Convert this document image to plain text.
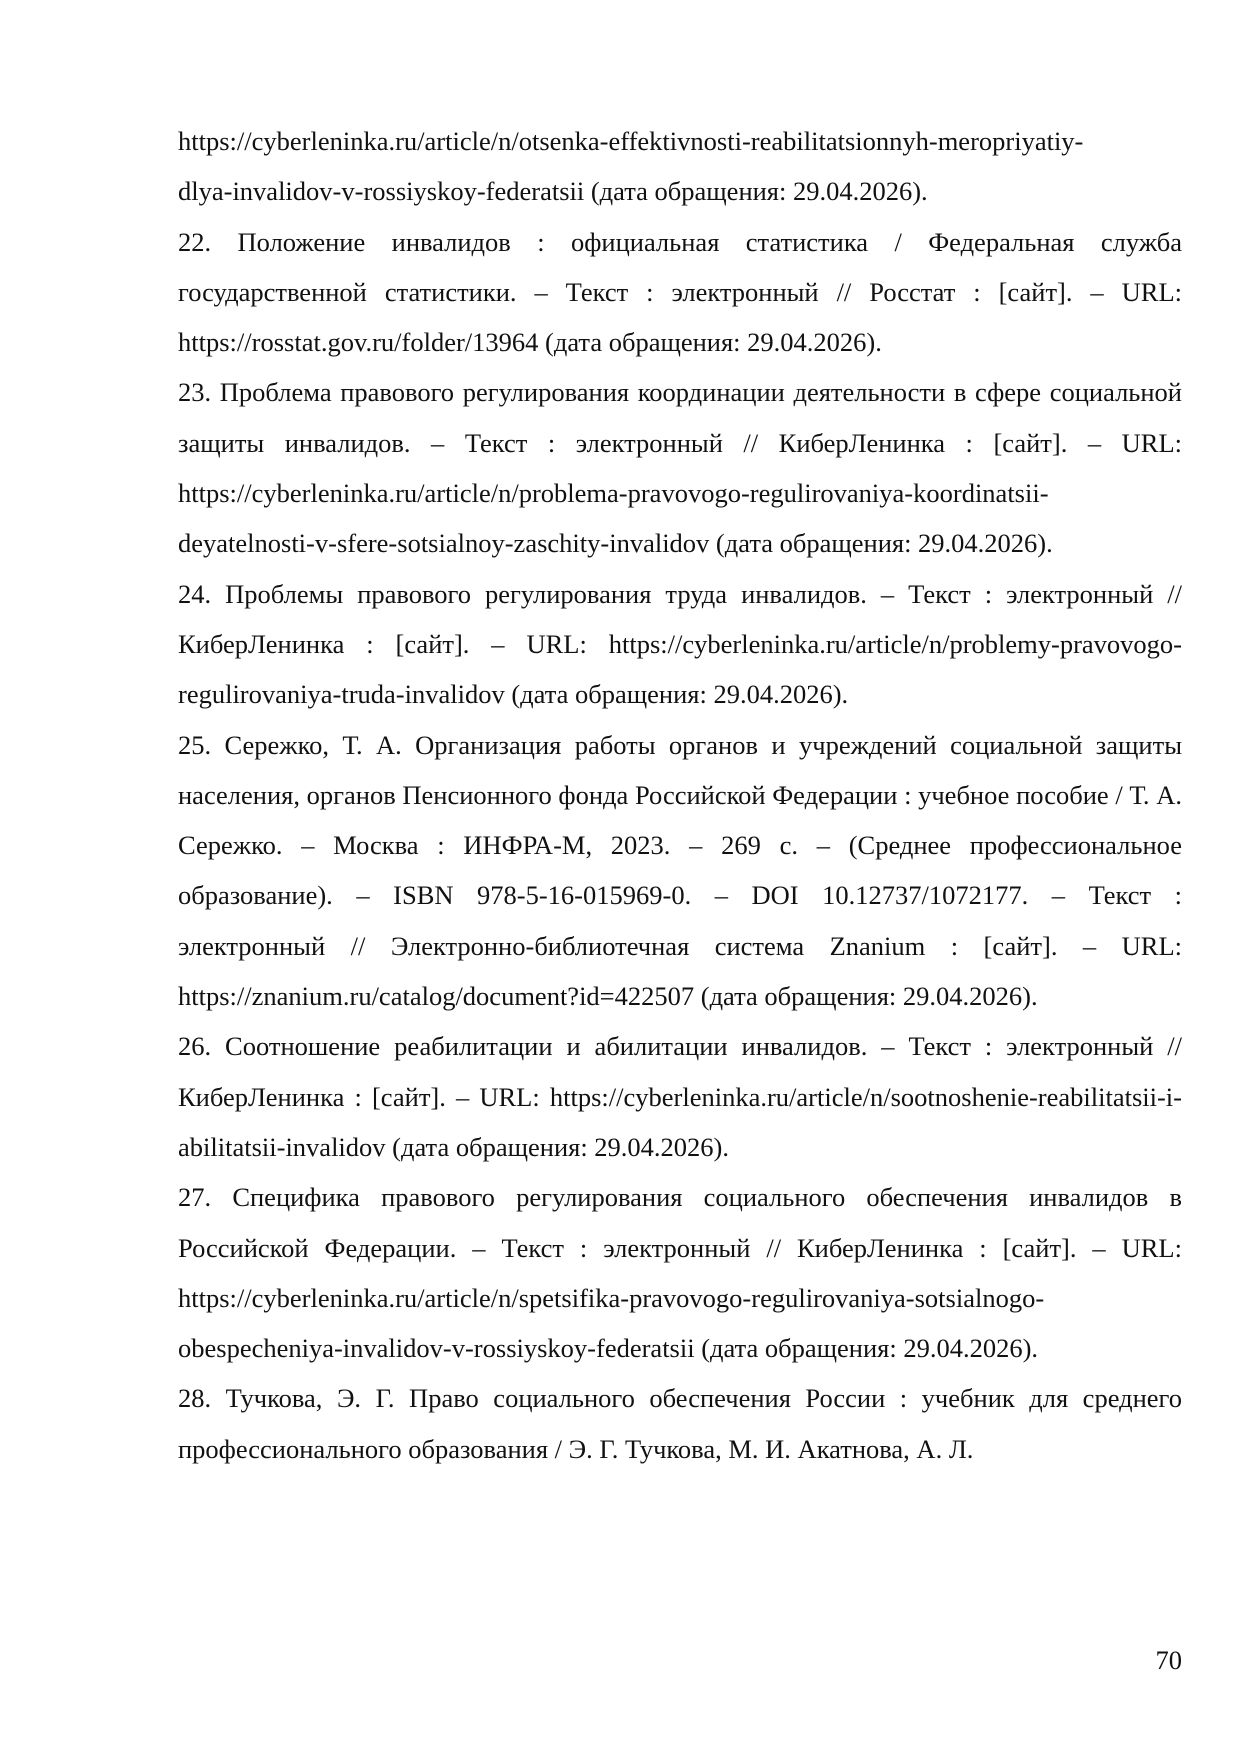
https://cyberleninka.ru/article/n/otsenka-effektivnosti-reabilitatsionnyh-meropriyatiy-
dlya-invalidov-v-rossiyskoy-federatsii (дата обращения: 29.04.2026).

22. Положение инвалидов : официальная статистика / Федеральная служба государственной статистики. – Текст : электронный // Росстат : [сайт]. – URL: https://rosstat.gov.ru/folder/13964 (дата обращения: 29.04.2026).

23. Проблема правового регулирования координации деятельности в сфере социальной защиты инвалидов. – Текст : электронный // КиберЛенинка : [сайт]. – URL: https://cyberleninka.ru/article/n/problema-pravovogo-regulirovaniya-koordinatsii-deyatelnosti-v-sfere-sotsialnoy-zaschity-invalidov (дата обращения: 29.04.2026).

24. Проблемы правового регулирования труда инвалидов. – Текст : электронный // КиберЛенинка : [сайт]. – URL: https://cyberleninka.ru/article/n/problemy-pravovogo-regulirovaniya-truda-invalidov (дата обращения: 29.04.2026).

25. Сережко, Т. А. Организация работы органов и учреждений социальной защиты населения, органов Пенсионного фонда Российской Федерации : учебное пособие / Т. А. Сережко. – Москва : ИНФРА-М, 2023. – 269 с. – (Среднее профессиональное образование). – ISBN 978-5-16-015969-0. – DOI 10.12737/1072177. – Текст : электронный // Электронно-библиотечная система Znanium : [сайт]. – URL: https://znanium.ru/catalog/document?id=422507 (дата обращения: 29.04.2026).

26. Соотношение реабилитации и абилитации инвалидов. – Текст : электронный // КиберЛенинка : [сайт]. – URL: https://cyberleninka.ru/article/n/sootnoshenie-reabilitatsii-i-abilitatsii-invalidov (дата обращения: 29.04.2026).

27. Специфика правового регулирования социального обеспечения инвалидов в Российской Федерации. – Текст : электронный // КиберЛенинка : [сайт]. – URL: https://cyberleninka.ru/article/n/spetsifika-pravovogo-regulirovaniya-sotsialnogo-obespecheniya-invalidov-v-rossiyskoy-federatsii (дата обращения: 29.04.2026).

28. Тучкова, Э. Г. Право социального обеспечения России : учебник для среднего профессионального образования / Э. Г. Тучкова, М. И. Акатнова, А. Л.

70
